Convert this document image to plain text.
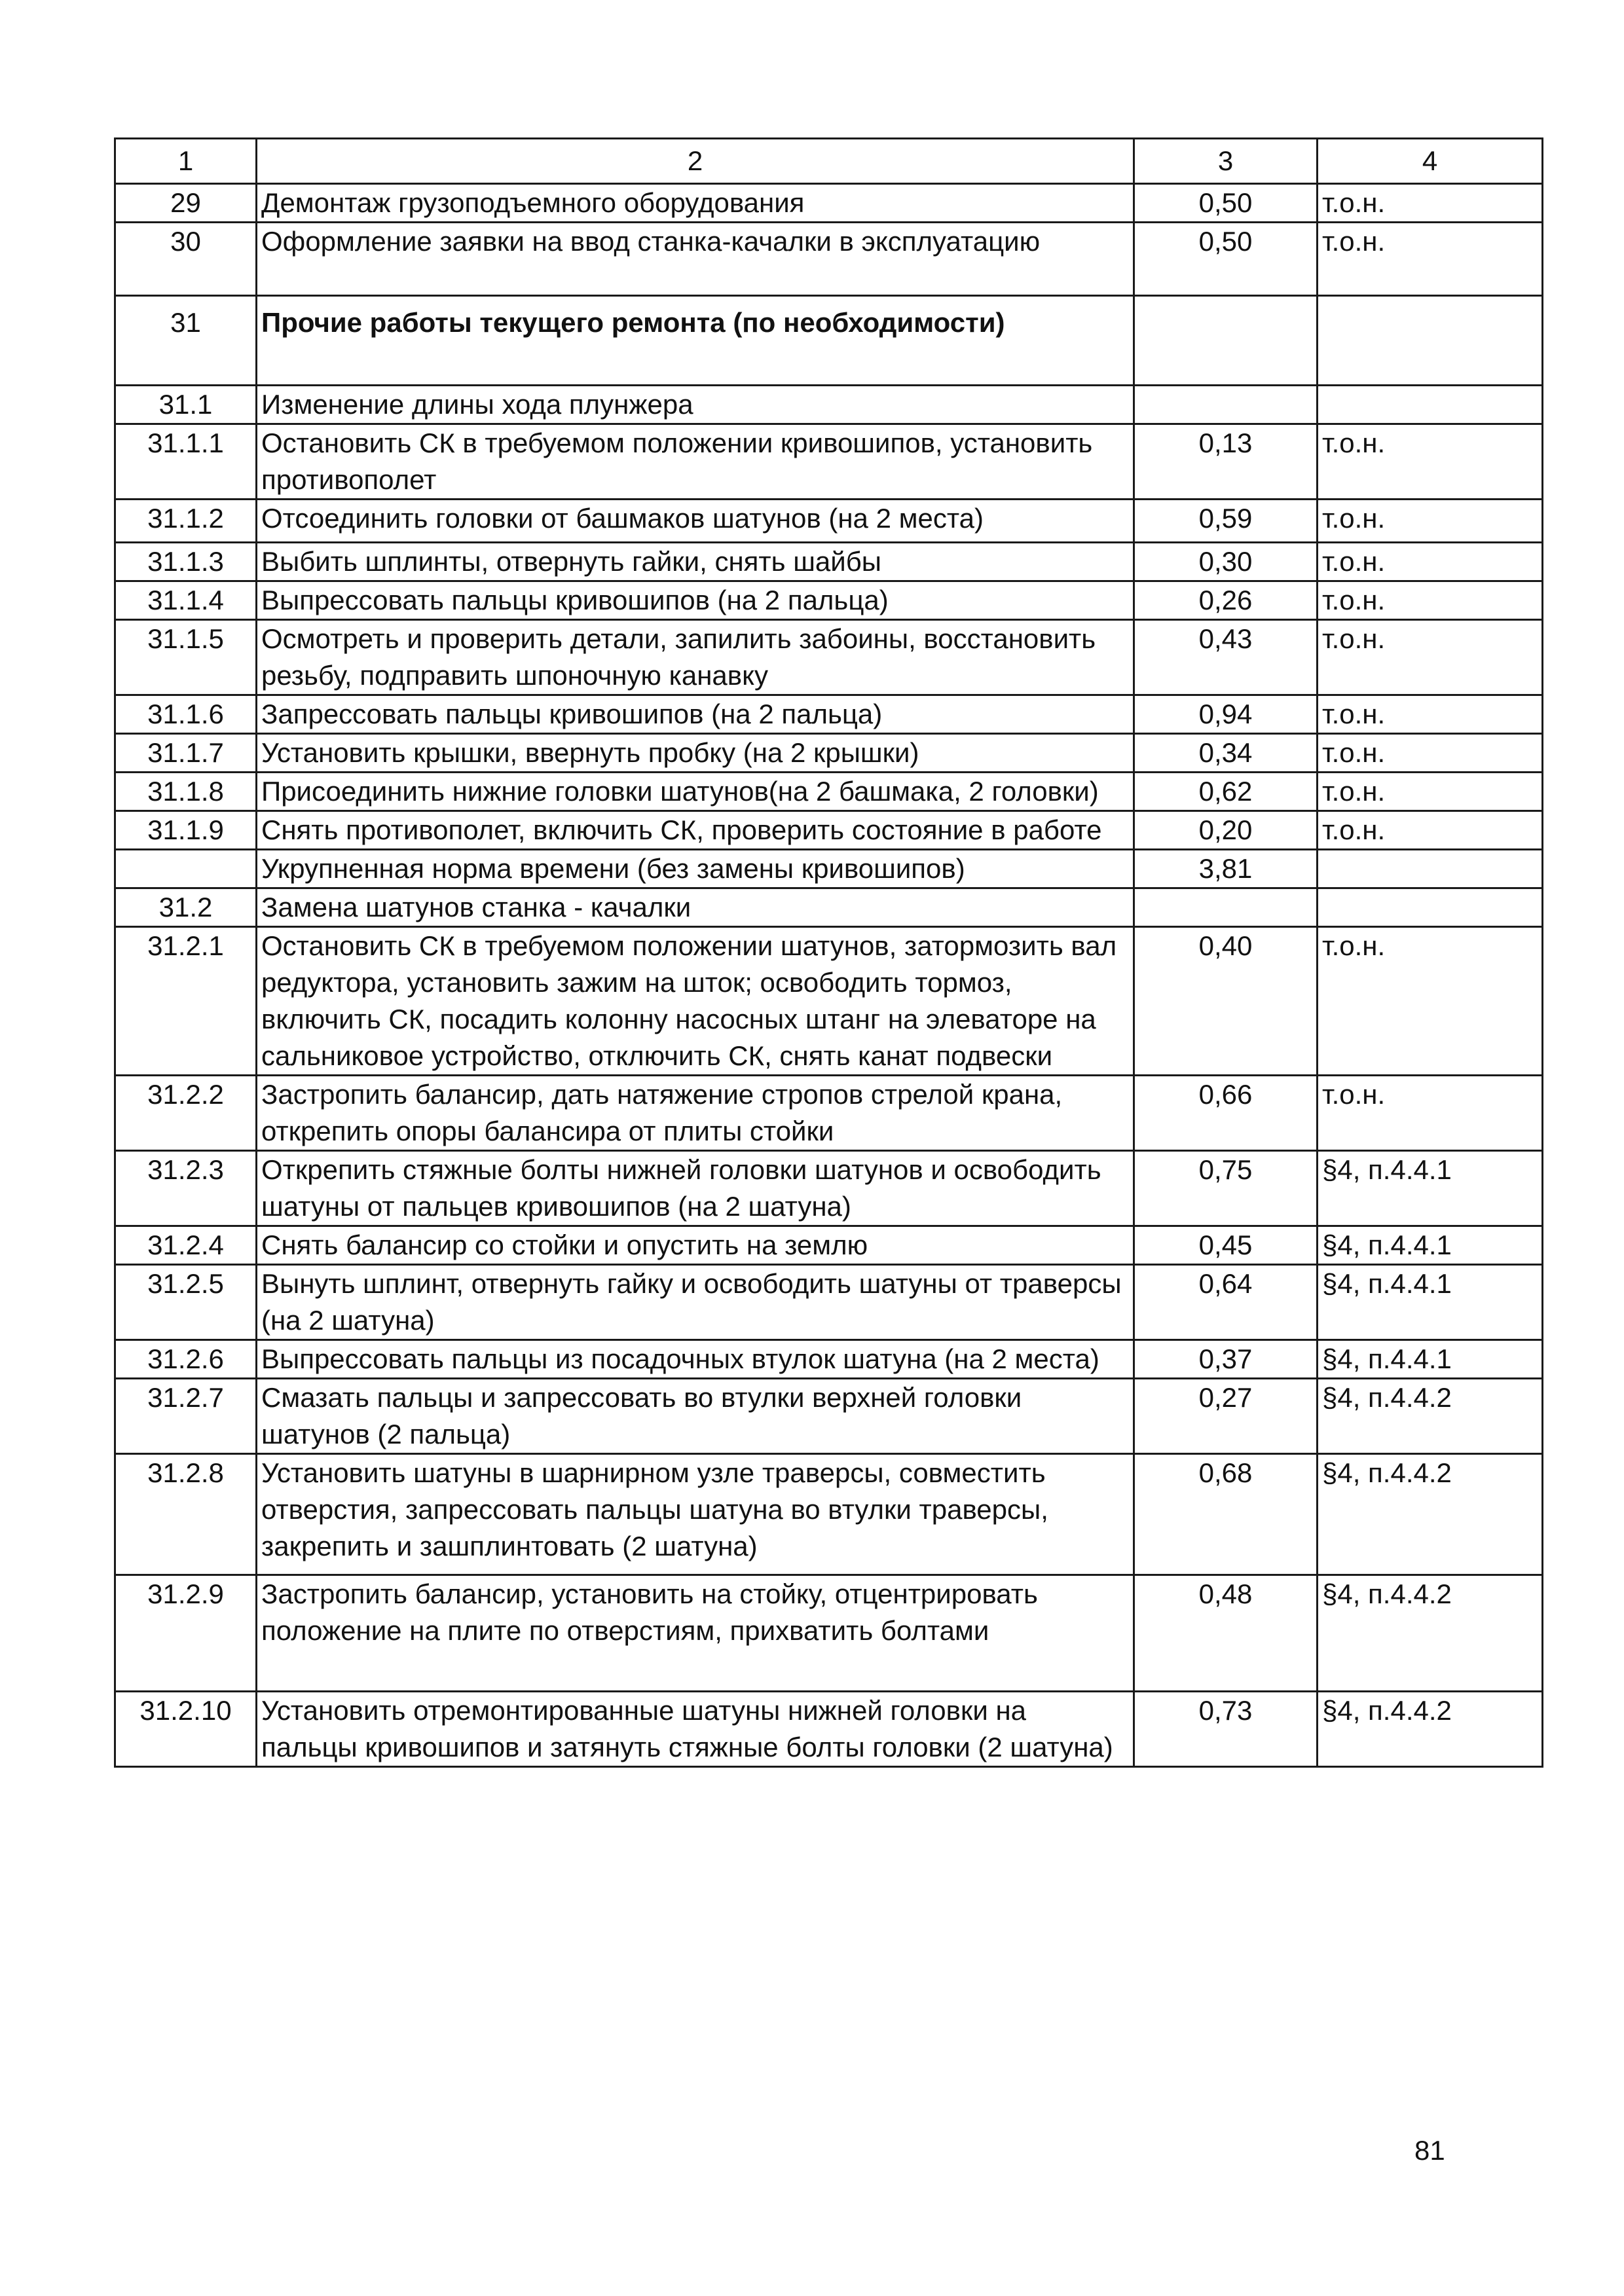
1	2	3	4
29	Демонтаж грузоподъемного оборудования	0,50	т.о.н.
30	Оформление заявки на ввод станка-качалки в эксплуатацию	0,50	т.о.н.
31	Прочие работы текущего ремонта (по необходимости)		
31.1	Изменение длины хода плунжера		
31.1.1	Остановить СК в требуемом положении кривошипов, установить противополет	0,13	т.о.н.
31.1.2	Отсоединить головки от башмаков шатунов (на 2 места)	0,59	т.о.н.
31.1.3	Выбить шплинты, отвернуть гайки, снять шайбы	0,30	т.о.н.
31.1.4	Выпрессовать пальцы кривошипов (на 2 пальца)	0,26	т.о.н.
31.1.5	Осмотреть и проверить детали, запилить забоины, восстановить резьбу, подправить шпоночную канавку	0,43	т.о.н.
31.1.6	Запрессовать пальцы кривошипов (на 2 пальца)	0,94	т.о.н.
31.1.7	Установить крышки, ввернуть пробку (на 2 крышки)	0,34	т.о.н.
31.1.8	Присоединить нижние головки шатунов(на 2 башмака, 2 головки)	0,62	т.о.н.
31.1.9	Снять противополет, включить СК, проверить состояние в работе	0,20	т.о.н.
	Укрупненная норма времени (без замены кривошипов)	3,81	
31.2	Замена шатунов станка - качалки		
31.2.1	Остановить СК в требуемом положении шатунов, затормозить вал редуктора, установить зажим на шток; освободить тормоз, включить СК, посадить колонну насосных штанг на элеваторе на сальниковое устройство, отключить СК, снять канат подвески	0,40	т.о.н.
31.2.2	Застропить балансир, дать натяжение стропов стрелой крана, открепить опоры балансира от плиты стойки	0,66	т.о.н.
31.2.3	Открепить стяжные болты нижней головки шатунов и освободить шатуны от пальцев кривошипов (на 2 шатуна)	0,75	§4, п.4.4.1
31.2.4	Снять балансир со стойки и опустить на землю	0,45	§4, п.4.4.1
31.2.5	Вынуть шплинт, отвернуть гайку и освободить шатуны от траверсы (на 2 шатуна)	0,64	§4, п.4.4.1
31.2.6	Выпрессовать пальцы из посадочных втулок шатуна (на 2 места)	0,37	§4, п.4.4.1
31.2.7	Смазать пальцы и запрессовать во втулки верхней головки шатунов (2 пальца)	0,27	§4, п.4.4.2
31.2.8	Установить шатуны в шарнирном узле траверсы, совместить отверстия, запрессовать пальцы шатуна во втулки траверсы, закрепить и зашплинтовать (2 шатуна)	0,68	§4, п.4.4.2
31.2.9	Застропить балансир, установить на стойку, отцентрировать положение на плите по отверстиям, прихватить болтами	0,48	§4, п.4.4.2
31.2.10	Установить отремонтированные шатуны нижней головки на пальцы кривошипов и затянуть стяжные болты головки (2 шатуна)	0,73	§4, п.4.4.2
81
